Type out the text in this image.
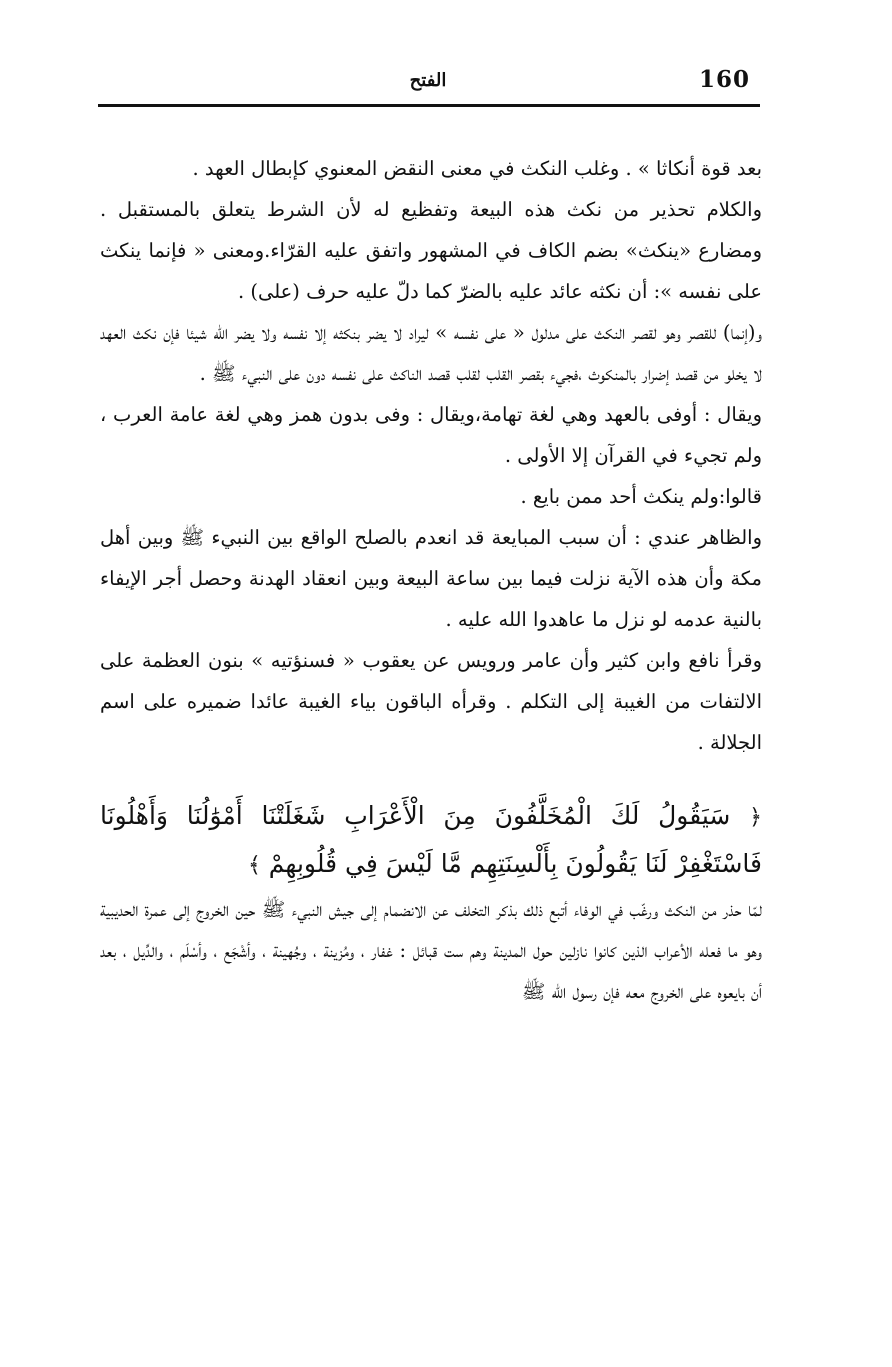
160
الفتح

بعد قوة أنكاثا » . وغلب النكث في معنى النقض المعنوي كإبطال العهد .

والكلام تحذير من نكث هذه البيعة وتفظيع له لأن الشرط يتعلق بالمستقبل . ومضارع «ينكث» بضم الكاف في المشهور واتفق عليه القرّاء.ومعنى « فإنما ينكث على نفسه »: أن نكثه عائد عليه بالضرّ كما دلّ عليه حرف (على) .

و(إنما) للقصر وهو لقصر النكث على مدلول « على نفسه » ليراد لا يضر بنكثه إلا نفسه ولا يضر الله شيئا فإن نكث العهد لا يخلو من قصد إضرار بالمنكوث ،فجيء بقصر القلب لقلب قصد الناكث على نفسه دون على النبيء ﷺ .

ويقال : أوفى بالعهد وهي لغة تهامة،ويقال : وفى بدون همز وهي لغة عامة العرب ، ولم تجيء في القرآن إلا الأولى .

قالوا:ولم ينكث أحد ممن بايع .

والظاهر عندي : أن سبب المبايعة قد انعدم بالصلح الواقع بين النبيء ﷺ وبين أهل مكة وأن هذه الآية نزلت فيما بين ساعة البيعة وبين انعقاد الهدنة وحصل أجر الإيفاء بالنية عدمه لو نزل ما عاهدوا الله عليه .

وقرأ نافع وابن كثير وأن عامر ورويس عن يعقوب « فسنؤتيه » بنون العظمة على الالتفات من الغيبة إلى التكلم . وقرأه الباقون بياء الغيبة عائدا ضميره على اسم الجلالة .

﴿ سَيَقُولُ لَكَ الْمُخَلَّفُونَ مِنَ الْأَعْرَابِ شَغَلَتْنَا أَمْوَٰلُنَا وَأَهْلُونَا فَاسْتَغْفِرْ لَنَا يَقُولُونَ بِأَلْسِنَتِهِم مَّا لَيْسَ فِي قُلُوبِهِمْ ﴾

لمّا حذر من النكث ورغّب في الوفاء أتبع ذلك بذكر التخلف عن الانضمام إلى جيش النبيء ﷺ حين الخروج إلى عمرة الحديبية وهو ما فعله الأعراب الذين كانوا نازلين حول المدينة وهم ست قبائل : غفار ، ومُزينة ، وجُهينة ، وأشْجَع ، وأسْلَم ، والدِّيل ، بعد أن بايعوه على الخروج معه فإن رسول الله ﷺ
